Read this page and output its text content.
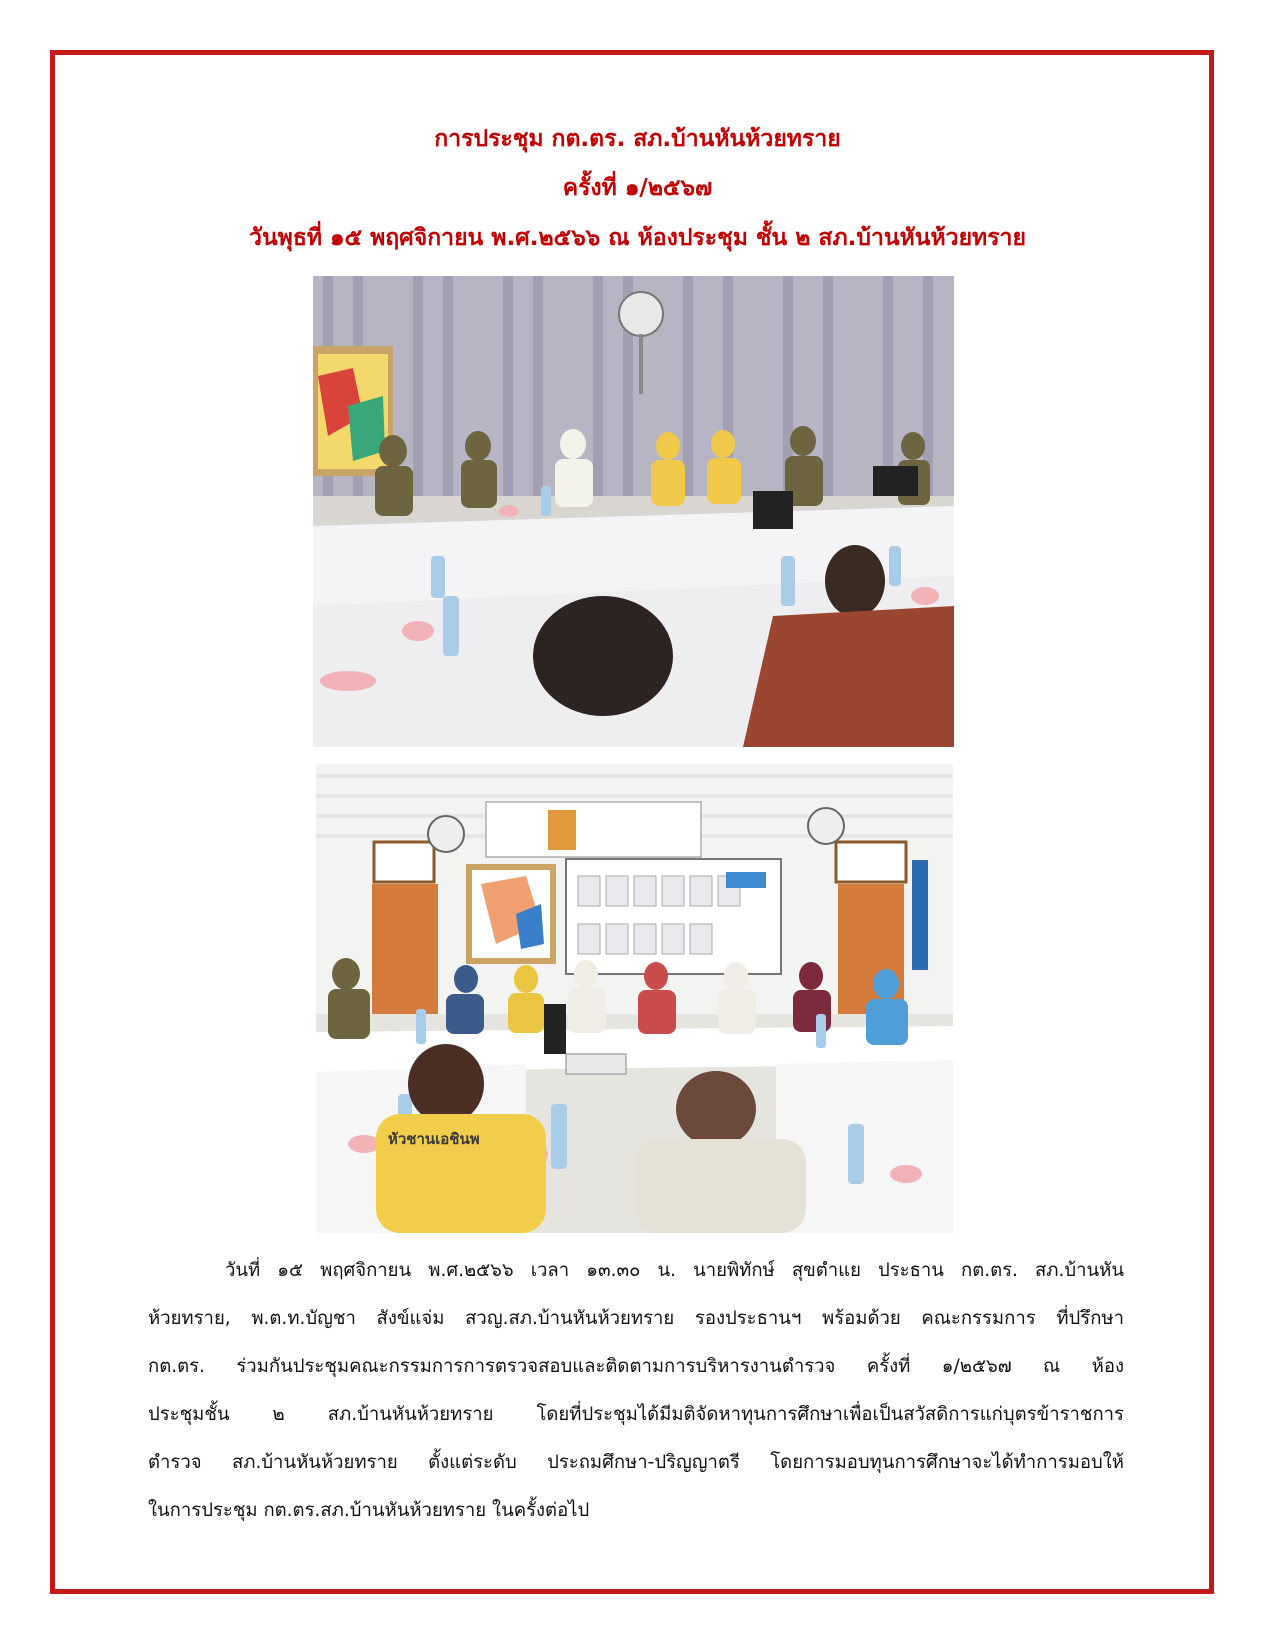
การประชุม กต.ตร. สภ.บ้านหันห้วยทราย
ครั้งที่ ๑/๒๕๖๗
วันพุธที่ ๑๕ พฤศจิกายน พ.ศ.๒๕๖๖ ณ ห้องประชุม ชั้น ๒ สภ.บ้านหันห้วยทราย
หัวชานเอชินพ
วันที่ ๑๕ พฤศจิกายน พ.ศ.๒๕๖๖ เวลา ๑๓.๓๐ น. นายพิทักษ์ สุขตำแย ประธาน กต.ตร. สภ.บ้านหัน
ห้วยทราย, พ.ต.ท.บัญชา สังข์แจ่ม สวญ.สภ.บ้านหันห้วยทราย รองประธานฯ พร้อมด้วย คณะกรรมการ ที่ปรึกษา
กต.ตร. ร่วมกันประชุมคณะกรรมการการตรวจสอบและติดตามการบริหารงานตำรวจ ครั้งที่ ๑/๒๕๖๗ ณ ห้อง
ประชุมชั้น ๒ สภ.บ้านหันห้วยทราย โดยที่ประชุมได้มีมติจัดหาทุนการศึกษาเพื่อเป็นสวัสดิการแก่บุตรข้าราชการ
ตำรวจ สภ.บ้านหันห้วยทราย ตั้งแต่ระดับ ประถมศึกษา-ปริญญาตรี โดยการมอบทุนการศึกษาจะได้ทำการมอบให้
ในการประชุม กต.ตร.สภ.บ้านหันห้วยทราย ในครั้งต่อไป
